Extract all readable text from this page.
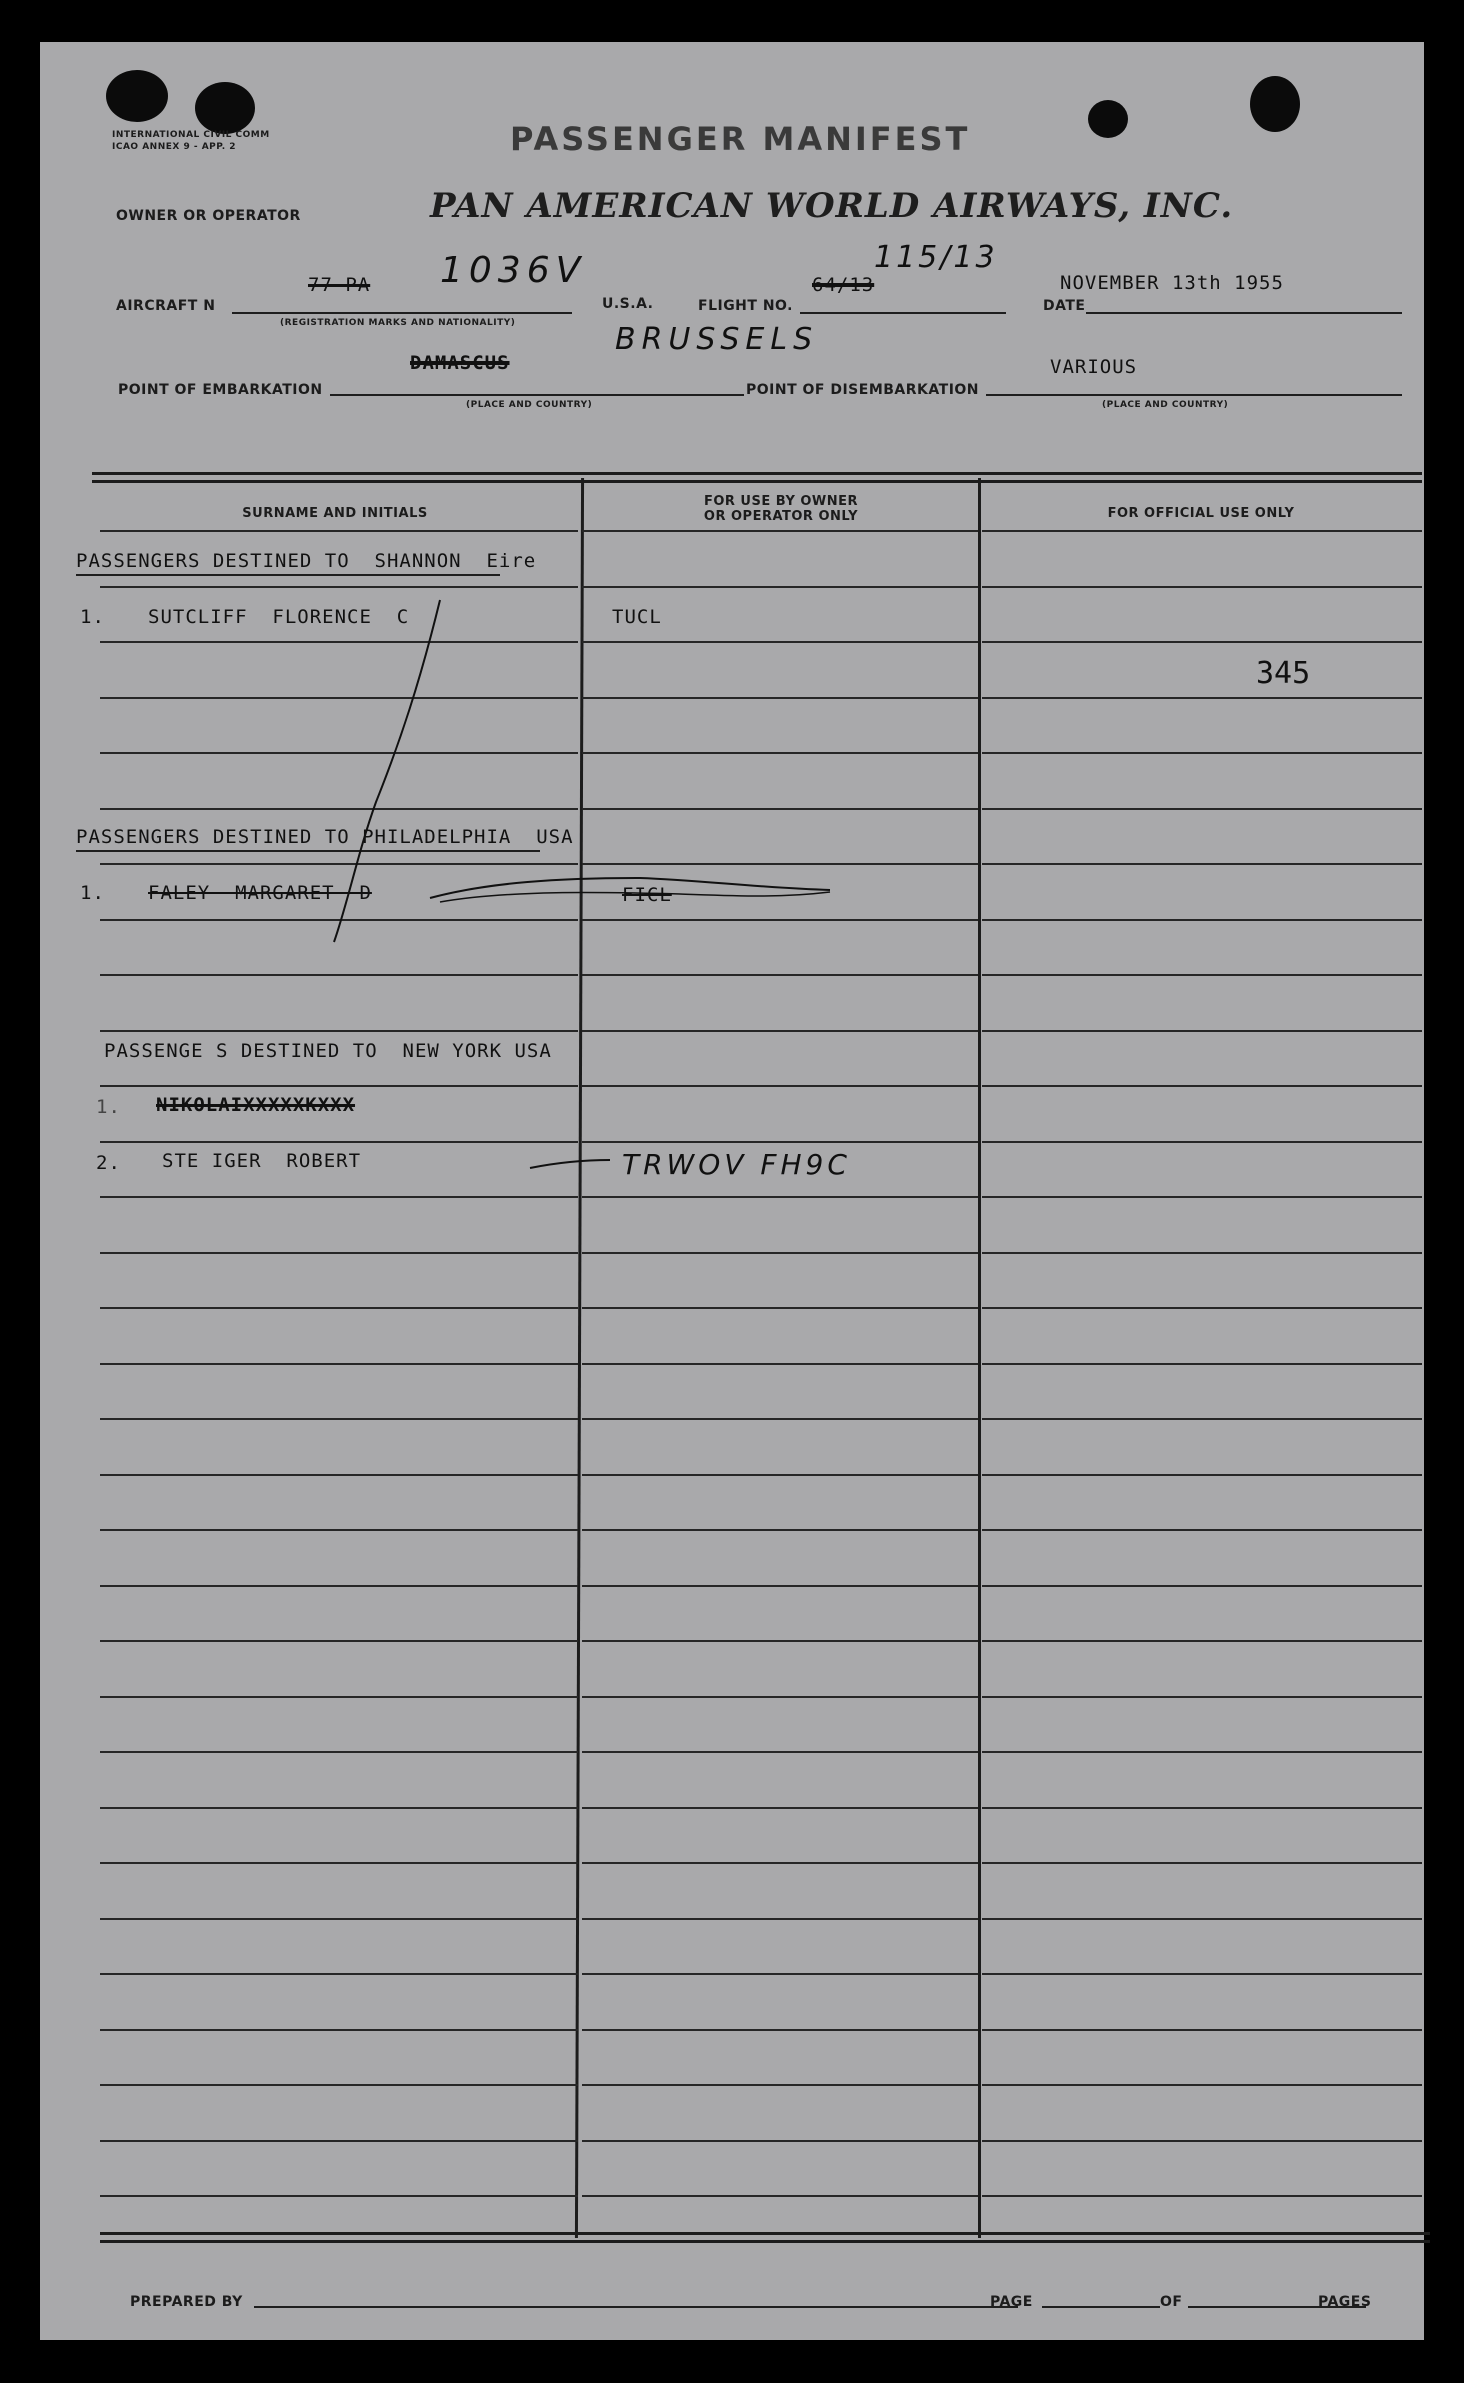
INTERNATIONAL CIVIL COMM
ICAO ANNEX 9 - APP. 2	PASSENGER MANIFEST
OWNER OR OPERATOR	PAN AMERICAN WORLD AIRWAYS, INC.
AIRCRAFT N
77 PA 1036V
(REGISTRATION MARKS AND NATIONALITY)
U.S.A.	FLIGHT NO.
64/13
115/13
DATE
NOVEMBER 13th 1955
POINT OF EMBARKATION
DAMASCUS
BRUSSELS
(PLACE AND COUNTRY)
POINT OF DISEMBARKATION
VARIOUS
(PLACE AND COUNTRY)
SURNAME AND INITIALS
FOR USE BY OWNER
OR OPERATOR ONLY	FOR OFFICIAL USE ONLY
PASSENGERS DESTINED TO  SHANNON  Eire
1. SUTCLIFF  FLORENCE  C	TUCL
345
PASSENGERS DESTINED TO PHILADELPHIA  USA
1. FALEY  MARGARET  D	FICL
PASSENGE S DESTINED TO  NEW YORK USA
1. NIKOLAIXXXXXKXXX
2. STE IGER  ROBERT	TRWOV FH9C
PREPARED BY	PAGE	OF	PAGES
